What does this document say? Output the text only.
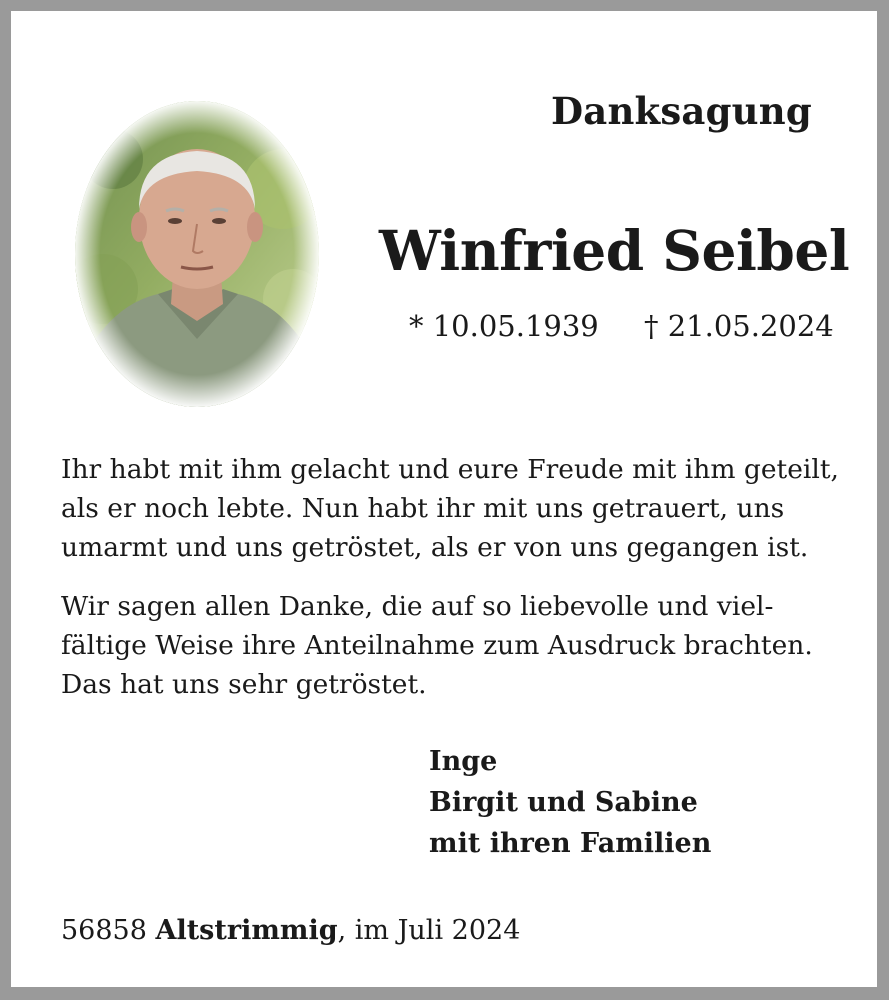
Danksagung
Winfried Seibel
* 10.05.1939 † 21.05.2024

Ihr habt mit ihm gelacht und eure Freude mit ihm geteilt,
als er noch lebte. Nun habt ihr mit uns getrauert, uns
umarmt und uns getröstet, als er von uns gegangen ist.

Wir sagen allen Danke, die auf so liebevolle und viel-
fältige Weise ihre Anteilnahme zum Ausdruck brachten.
Das hat uns sehr getröstet.

Inge
Birgit und Sabine
mit ihren Familien
56858 Altstrimmig, im Juli 2024
